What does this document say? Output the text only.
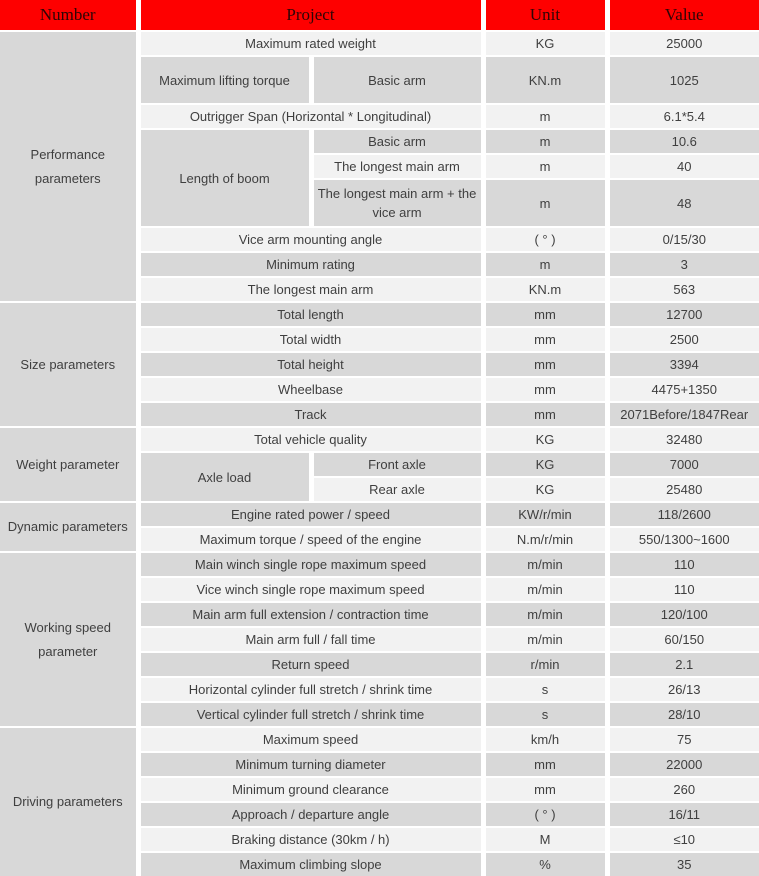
Number	Project		Unit	Value
Performance parameters	Maximum rated weight		KG	25000
	Maximum lifting torque	Basic arm	KN.m	1025
	Outrigger Span (Horizontal * Longitudinal)		m	6.1*5.4
	Length of boom	Basic arm	m	10.6
		The longest main arm	m	40
		The longest main arm + the vice arm	m	48
	Vice arm mounting angle		( ° )	0/15/30
	Minimum rating		m	3
	The longest main arm		KN.m	563
Size parameters	Total length		mm	12700
	Total width		mm	2500
	Total height		mm	3394
	Wheelbase		mm	4475+1350
	Track		mm	2071Before/1847Rear
Weight parameter	Total vehicle quality		KG	32480
	Axle load	Front axle	KG	7000
		Rear axle	KG	25480
Dynamic parameters	Engine rated power / speed		KW/r/min	118/2600
	Maximum torque / speed of the engine		N.m/r/min	550/1300~1600
Working speed parameter	Main winch single rope maximum speed		m/min	110
	Vice winch single rope maximum speed		m/min	110
	Main arm full extension / contraction time		m/min	120/100
	Main arm full / fall time		m/min	60/150
	Return speed		r/min	2.1
	Horizontal cylinder full stretch / shrink time		s	26/13
	Vertical cylinder full stretch / shrink time		s	28/10
Driving parameters	Maximum speed		km/h	75
	Minimum turning diameter		mm	22000
	Minimum ground clearance		mm	260
	Approach / departure angle		( ° )	16/11
	Braking distance (30km / h)		M	≤10
	Maximum climbing slope		%	35
